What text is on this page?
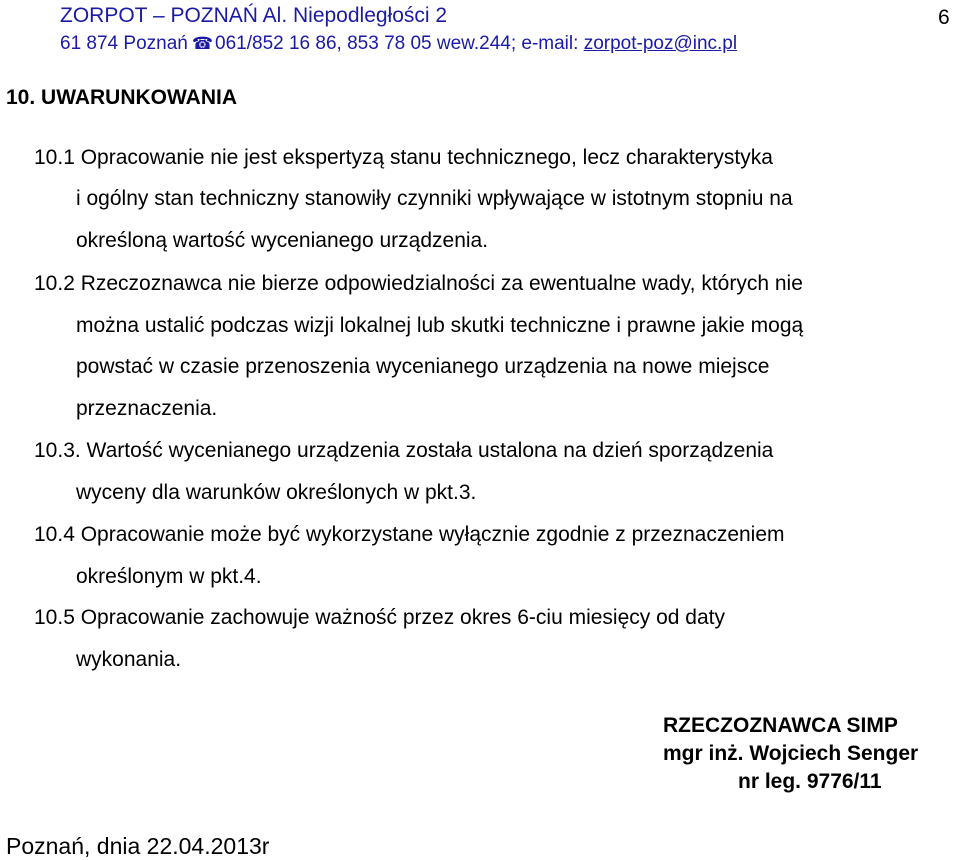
ZORPOT – POZNAŃ Al. Niepodległości 2
61 874 Poznań ☎ 061/852 16 86, 853 78 05 wew.244; e-mail: zorpot-poz@inc.pl
6
10. UWARUNKOWANIA
10.1 Opracowanie nie jest ekspertyzą stanu technicznego, lecz charakterystyka
i ogólny stan techniczny stanowiły czynniki wpływające w istotnym stopniu na
określoną wartość wycenianego urządzenia.
10.2 Rzeczoznawca nie bierze odpowiedzialności za ewentualne wady, których nie
można ustalić podczas wizji lokalnej lub skutki techniczne i prawne jakie mogą
powstać w czasie przenoszenia wycenianego urządzenia na nowe miejsce
przeznaczenia.
10.3. Wartość wycenianego urządzenia została ustalona na dzień sporządzenia
wyceny dla warunków określonych w pkt.3.
10.4 Opracowanie może być wykorzystane wyłącznie zgodnie z przeznaczeniem
określonym w pkt.4.
10.5 Opracowanie zachowuje ważność przez okres 6-ciu miesięcy od daty
wykonania.
RZECZOZNAWCA SIMP
mgr inż. Wojciech Senger
nr leg. 9776/11
Poznań, dnia 22.04.2013r
